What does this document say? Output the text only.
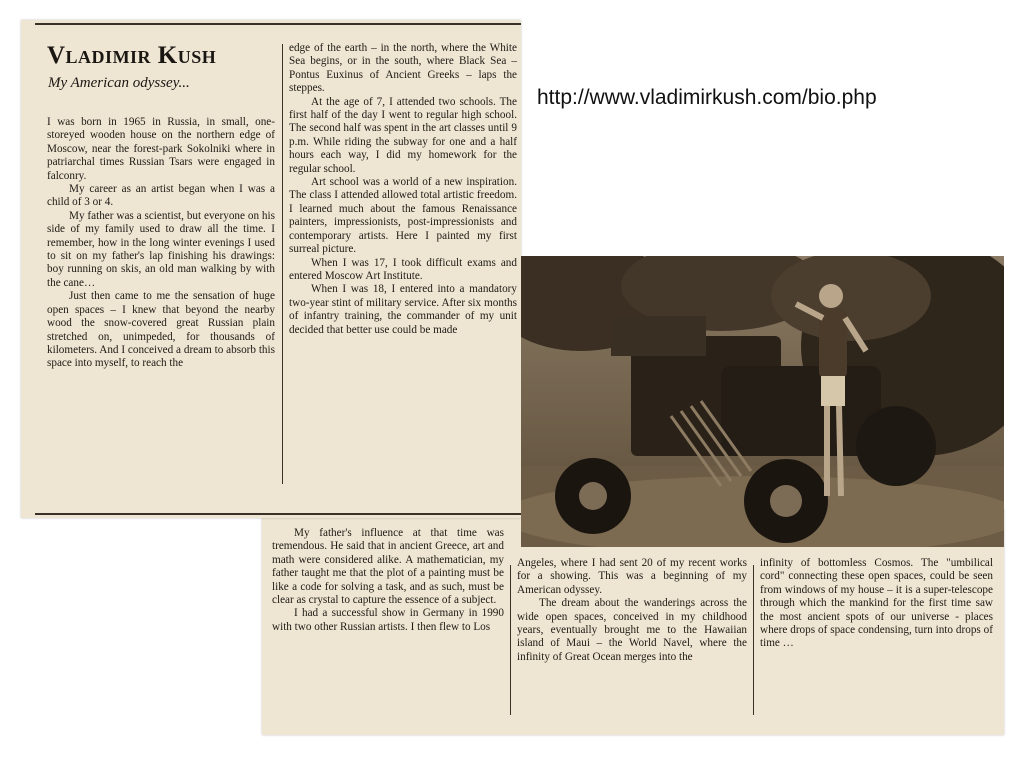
http://www.vladimirkush.com/bio.php
Vladimir Kush
My American odyssey...

I was born in 1965 in Russia, in small, one-storeyed wooden house on the northern edge of Moscow, near the forest-park Sokolniki where in patriarchal times Russian Tsars were engaged in falconry.

My career as an artist began when I was a child of 3 or 4.

My father was a scientist, but everyone on his side of my family used to draw all the time. I remember, how in the long winter evenings I used to sit on my father's lap finishing his drawings: boy running on skis, an old man walking by with the cane…

Just then came to me the sensation of huge open spaces – I knew that beyond the nearby wood the snow-covered great Russian plain stretched on, unimpeded, for thousands of kilometers. And I conceived a dream to absorb this space into myself, to reach the

edge of the earth – in the north, where the White Sea begins, or in the south, where Black Sea – Pontus Euxinus of Ancient Greeks – laps the steppes.

At the age of 7, I attended two schools. The first half of the day I went to regular high school. The second half was spent in the art classes until 9 p.m. While riding the subway for one and a half hours each way, I did my homework for the regular school.

Art school was a world of a new inspiration. The class I attended allowed total artistic freedom. I learned much about the famous Renaissance painters, impressionists, post-impressionists and contemporary artists. Here I painted my first surreal picture.

When I was 17, I took difficult exams and entered Moscow Art Institute.

When I was 18, I entered into a mandatory two-year stint of military service. After six months of infantry training, the commander of my unit decided that better use could be made

My father's influence at that time was tremendous. He said that in ancient Greece, art and math were considered alike. A mathematician, my father taught me that the plot of a painting must be like a code for solving a task, and as such, must be clear as crystal to capture the essence of a subject.

I had a successful show in Germany in 1990 with two other Russian artists. I then flew to Los

Angeles, where I had sent 20 of my recent works for a showing. This was a beginning of my American odyssey.

The dream about the wanderings across the wide open spaces, conceived in my childhood years, eventually brought me to the Hawaiian island of Maui – the World Navel, where the infinity of Great Ocean merges into the

infinity of bottomless Cosmos. The "umbilical cord" connecting these open spaces, could be seen from windows of my house – it is a super-telescope through which the mankind for the first time saw the most ancient spots of our universe - places where drops of space condensing, turn into drops of time …
